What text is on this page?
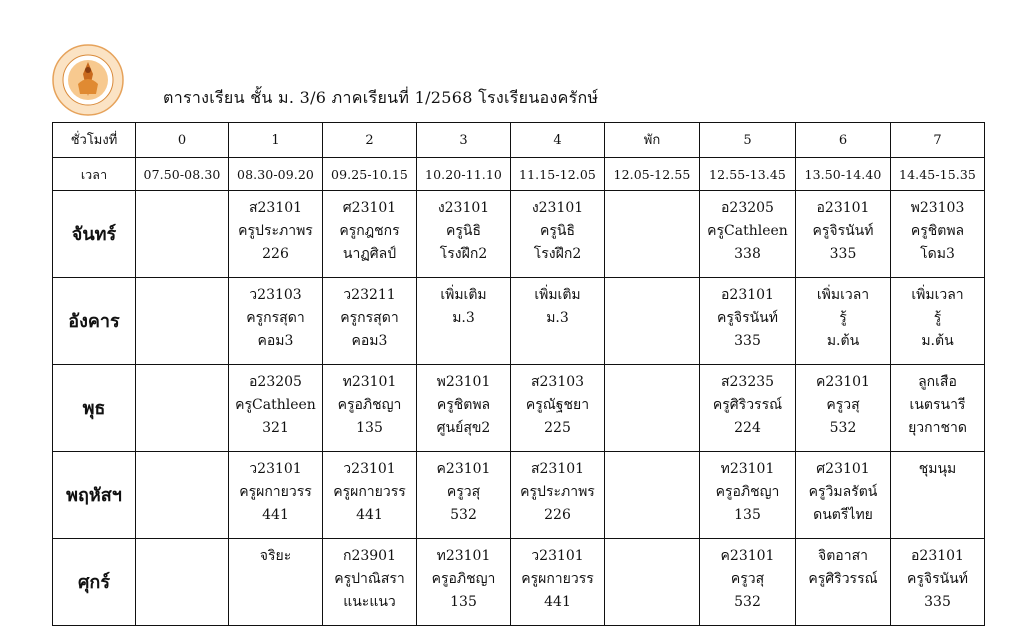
ตารางเรียน ชั้น ม. 3/6 ภาคเรียนที่ 1/2568 โรงเรียนองครักษ์
ชั่วโมงที่	0	1	2	3	4	พัก	5	6	7
เวลา	07.50-08.30	08.30-09.20	09.25-10.15	10.20-11.10	11.15-12.05	12.05-12.55	12.55-13.45	13.50-14.40	14.45-15.35
จันทร์		ส23101
ครูประภาพร
226	ศ23101
ครูกฎชกร
นาฏศิลป์	ง23101
ครูนิธิ
โรงฝึก2	ง23101
ครูนิธิ
โรงฝึก2		อ23205
ครูCathleen
338	อ23101
ครูจิรนันท์
335	พ23103
ครูชิตพล
โดม3

อังคาร		ว23103
ครูกรสุดา
คอม3	ว23211
ครูกรสุดา
คอม3	เพิ่มเติม
ม.3	เพิ่มเติม
ม.3		อ23101
ครูจิรนันท์
335	เพิ่มเวลา
รู้
ม.ต้น	เพิ่มเวลา
รู้
ม.ต้น

พุธ		อ23205
ครูCathleen
321	ท23101
ครูอภิชญา
135	พ23101
ครูชิตพล
ศูนย์สุข2	ส23103
ครูณัฐชยา
225		ส23235
ครูศิริวรรณ์
224	ค23101
ครูวสุ
532	ลูกเสือ
เนตรนารี
ยุวกาชาด

พฤหัสฯ		ว23101
ครูผกายวรร
441	ว23101
ครูผกายวรร
441	ค23101
ครูวสุ
532	ส23101
ครูประภาพร
226		ท23101
ครูอภิชญา
135	ศ23101
ครูวิมลรัตน์
ดนตรีไทย	ชุมนุม

ศุกร์		จริยะ	ก23901
ครูปาณิสรา
แนะแนว	ท23101
ครูอภิชญา
135	ว23101
ครูผกายวรร
441		ค23101
ครูวสุ
532	จิตอาสา
ครูศิริวรรณ์	อ23101
ครูจิรนันท์
335
